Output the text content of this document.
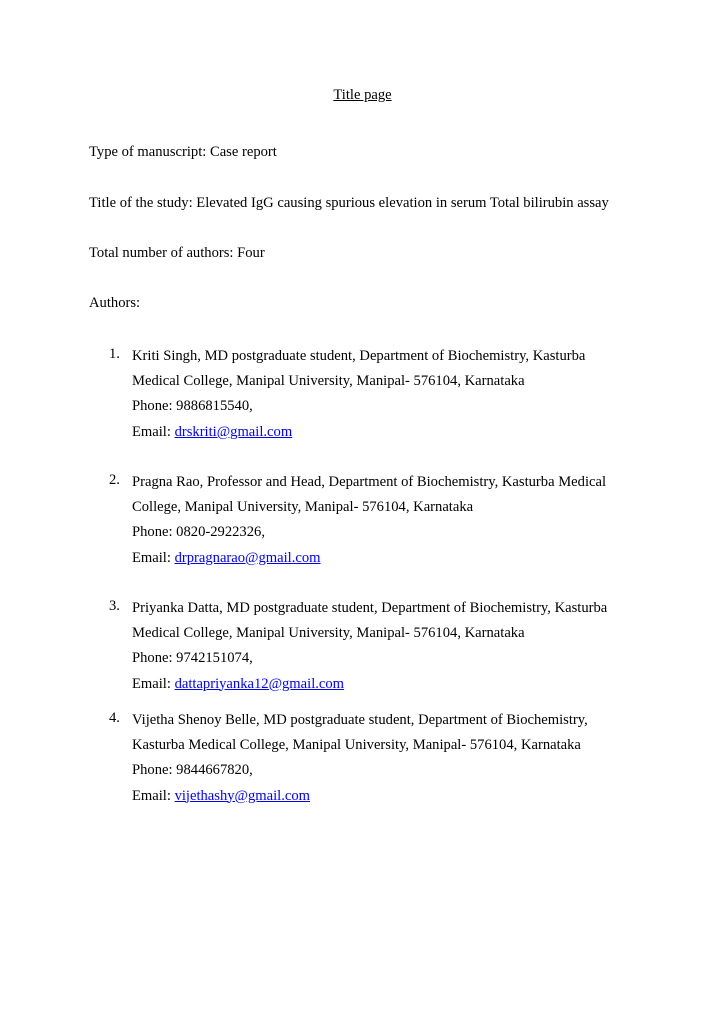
Title page
Type of manuscript: Case report
Title of the study: Elevated IgG causing spurious elevation in serum Total bilirubin assay
Total number of authors: Four
Authors:
1. Kriti Singh, MD postgraduate student, Department of Biochemistry, Kasturba
Medical College, Manipal University, Manipal- 576104, Karnataka
Phone: 9886815540,
Email: drskriti@gmail.com
2. Pragna Rao, Professor and Head, Department of Biochemistry, Kasturba Medical
College, Manipal University, Manipal- 576104, Karnataka
Phone: 0820-2922326,
Email: drpragnarao@gmail.com
3. Priyanka Datta, MD postgraduate student, Department of Biochemistry, Kasturba
Medical College, Manipal University, Manipal- 576104, Karnataka
Phone: 9742151074,
Email: dattapriyanka12@gmail.com
4. Vijetha Shenoy Belle, MD postgraduate student, Department of Biochemistry,
Kasturba Medical College, Manipal University, Manipal- 576104, Karnataka
Phone: 9844667820,
Email: vijethashy@gmail.com
